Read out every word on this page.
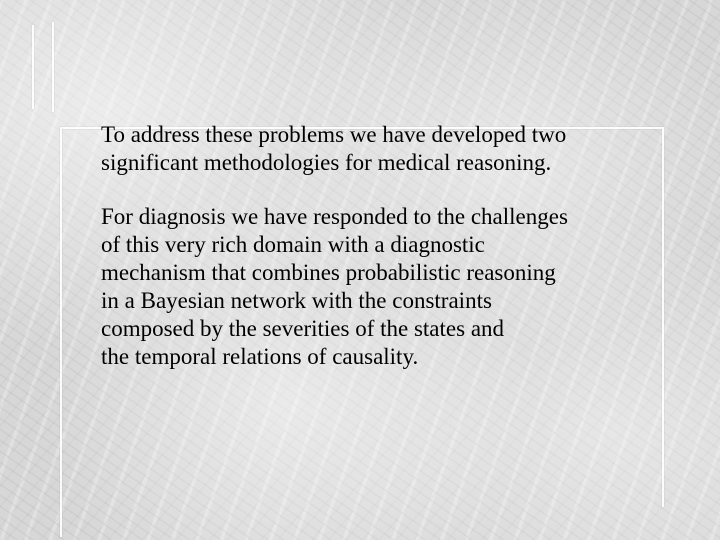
To address these problems we have developed two
significant methodologies for medical reasoning.

For diagnosis we have responded to the challenges
of this very rich domain with a diagnostic
mechanism that combines probabilistic reasoning
in a Bayesian network with the constraints
composed by the severities of the states and
the temporal relations of causality.
